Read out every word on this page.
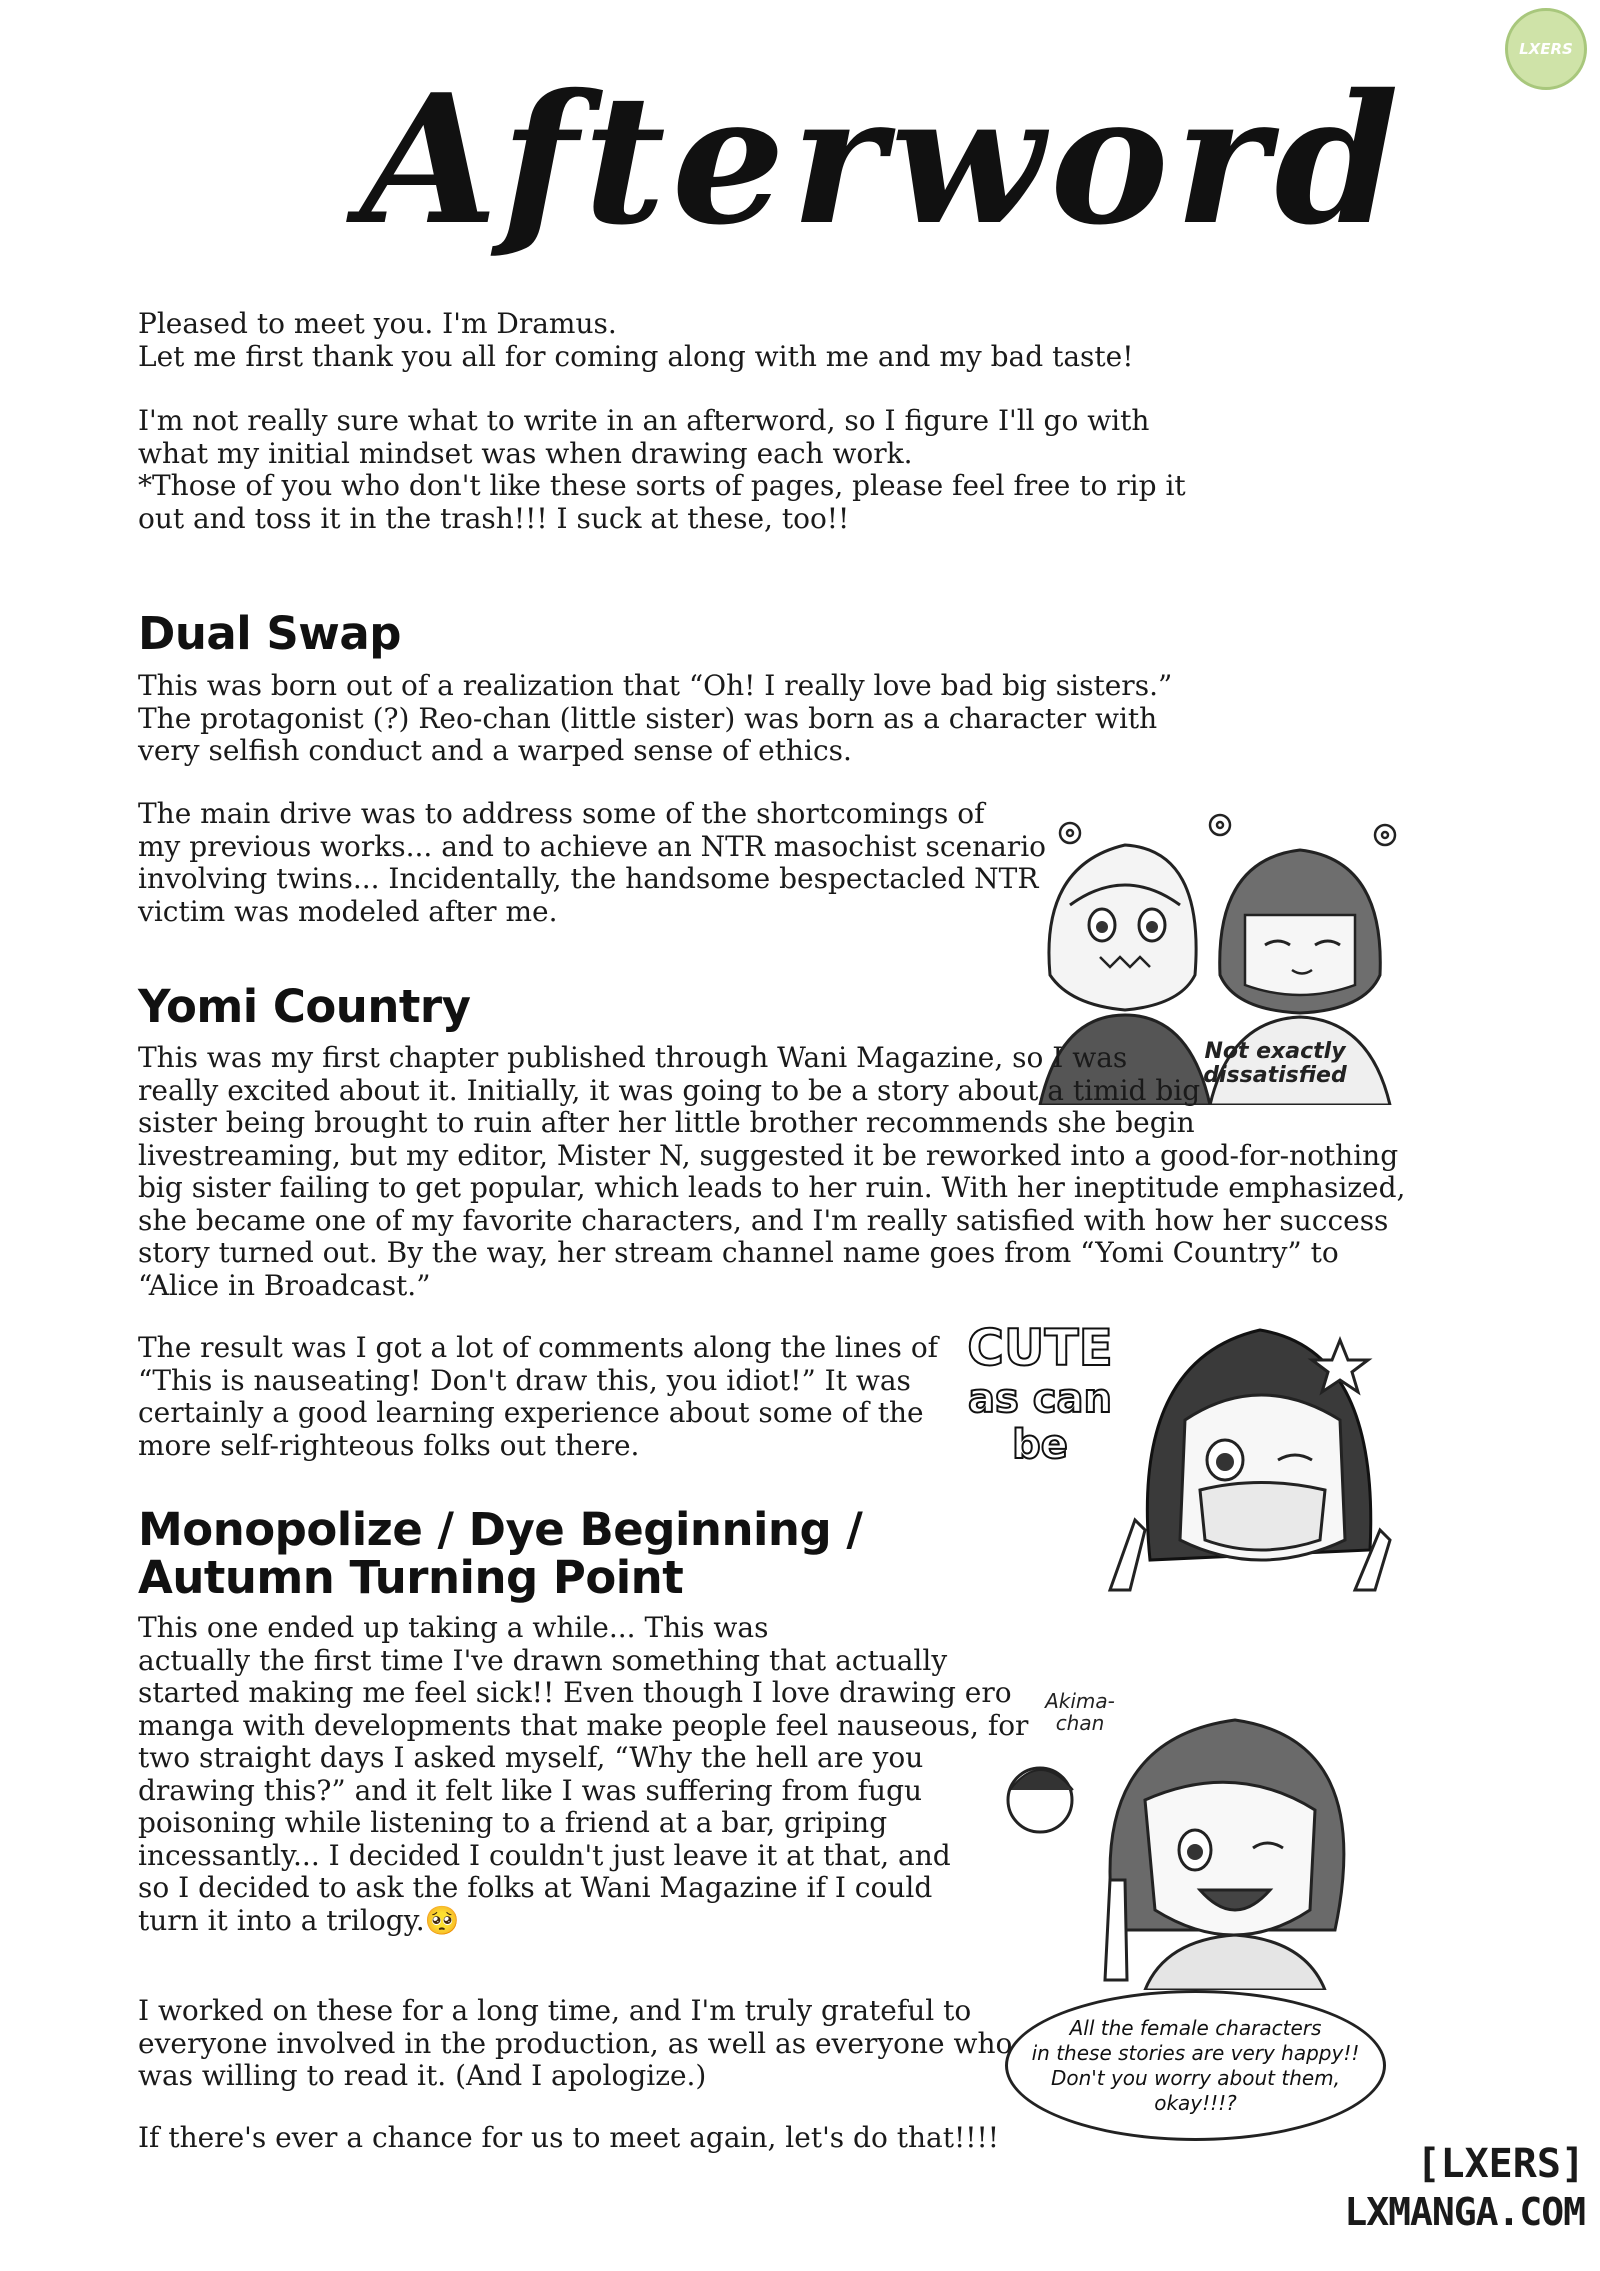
LXERS
Afterword

Pleased to meet you. I'm Dramus.
Let me first thank you all for coming along with me and my bad taste!

I'm not really sure what to write in an afterword, so I figure I'll go with
what my initial mindset was when drawing each work.
*Those of you who don't like these sorts of pages, please feel free to rip it
out and toss it in the trash!!! I suck at these, too!!

Dual Swap

This was born out of a realization that “Oh! I really love bad big sisters.”
The protagonist (?) Reo-chan (little sister) was born as a character with
very selfish conduct and a warped sense of ethics.

The main drive was to address some of the shortcomings of
my previous works... and to achieve an NTR masochist scenario
involving twins... Incidentally, the handsome bespectacled NTR
victim was modeled after me.

Not exactly
dissatisfied
Yomi Country

This was my first chapter published through Wani Magazine, so I was
really excited about it. Initially, it was going to be a story about a timid big
sister being brought to ruin after her little brother recommends she begin
livestreaming, but my editor, Mister N, suggested it be reworked into a good-for-nothing
big sister failing to get popular, which leads to her ruin. With her ineptitude emphasized,
she became one of my favorite characters, and I'm really satisfied with how her success
story turned out. By the way, her stream channel name goes from “Yomi Country” to
“Alice in Broadcast.”

The result was I got a lot of comments along the lines of
“This is nauseating! Don't draw this, you idiot!” It was
certainly a good learning experience about some of the
more self-righteous folks out there.

CUTE
as can
be
Monopolize / Dye Beginning /
Autumn Turning Point

This one ended up taking a while... This was
actually the first time I've drawn something that actually
started making me feel sick!! Even though I love drawing ero
manga with developments that make people feel nauseous, for
two straight days I asked myself, “Why the hell are you
drawing this?” and it felt like I was suffering from fugu
poisoning while listening to a friend at a bar, griping
incessantly... I decided I couldn't just leave it at that, and
so I decided to ask the folks at Wani Magazine if I could
turn it into a trilogy.🥺

I worked on these for a long time, and I'm truly grateful to
everyone involved in the production, as well as everyone who
was willing to read it. (And I apologize.)

If there's ever a chance for us to meet again, let's do that!!!!

Akima-
chan
All the female characters
in these stories are very happy!!
Don't you worry about them,
okay!!!?
[LXERS]
LXMANGA.COM
